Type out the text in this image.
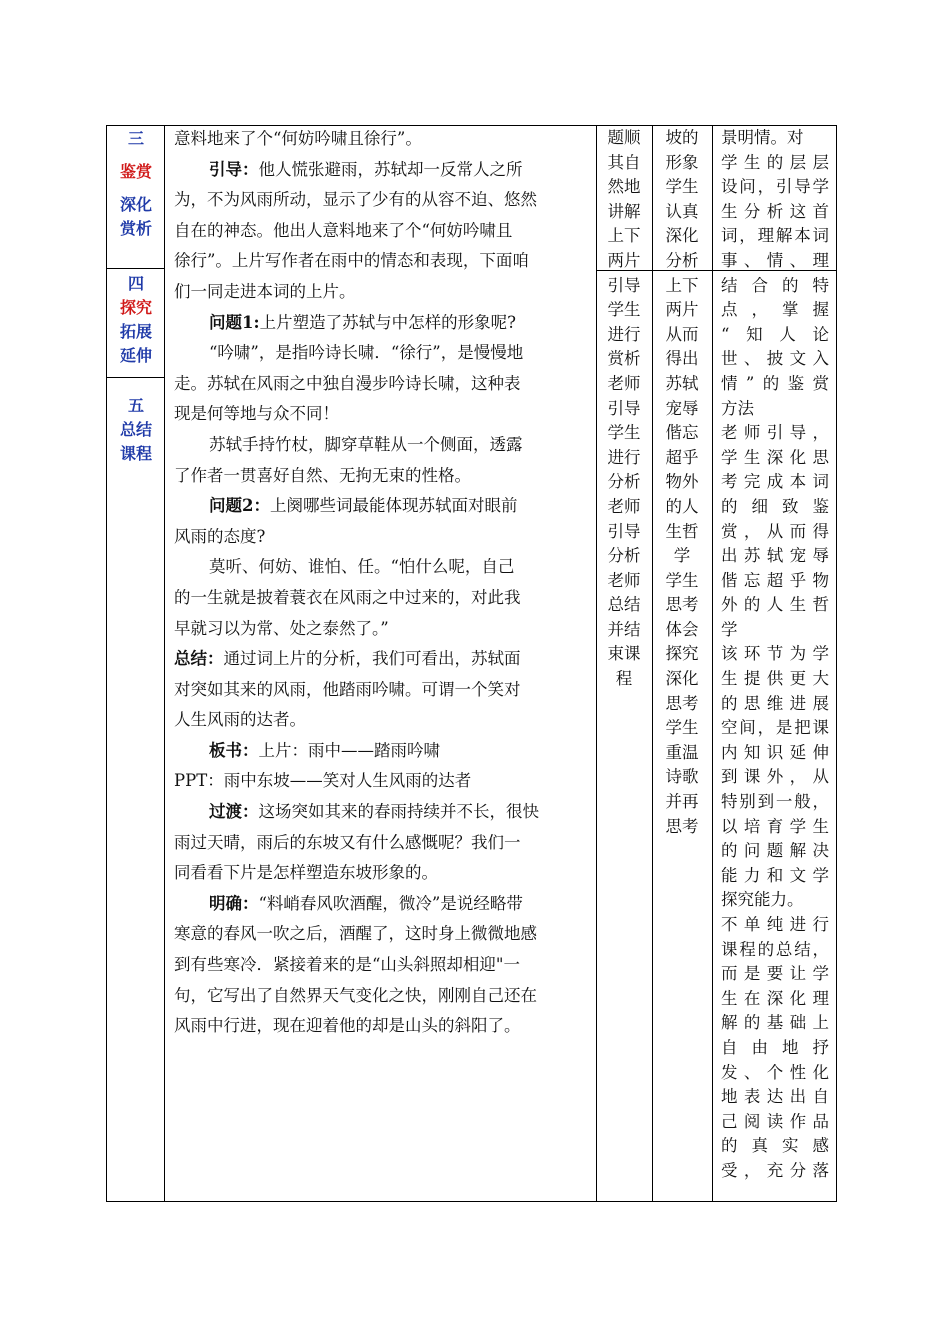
三
鉴赏
深化
赏析
四
探究
拓展
延伸
五
总结
课程

意料地来了个“何妨吟啸且徐行”。

引导：他人慌张避雨，苏轼却一反常人之所

为，不为风雨所动，显示了少有的从容不迫、悠然

自在的神态。他出人意料地来了个“何妨吟啸且

徐行”。上片写作者在雨中的情态和表现，下面咱

们一同走进本词的上片。

问题1:上片塑造了苏轼与中怎样的形象呢?

“吟啸”，是指吟诗长啸．“徐行”，是慢慢地

走。苏轼在风雨之中独自漫步吟诗长啸，这种表

现是何等地与众不同！

苏轼手持竹杖，脚穿草鞋从一个侧面，透露

了作者一贯喜好自然、无拘无束的性格。

问题2：上阕哪些词最能体现苏轼面对眼前

风雨的态度?

莫听、何妨、谁怕、任。“怕什么呢，自己

的一生就是披着蓑衣在风雨之中过来的，对此我

早就习以为常、处之泰然了。”

总结：通过词上片的分析，我们可看出，苏轼面

对突如其来的风雨，他踏雨吟啸。可谓一个笑对

人生风雨的达者。

板书：上片：雨中——踏雨吟啸

PPT：雨中东坡——笑对人生风雨的达者

过渡：这场突如其来的春雨持续并不长，很快

雨过天晴，雨后的东坡又有什么感慨呢？我们一

同看看下片是怎样塑造东坡形象的。

明确：“料峭春风吹酒醒，微冷”是说经略带

寒意的春风一吹之后，酒醒了，这时身上微微地感

到有些寒冷．紧接着来的是“山头斜照却相迎"一

句，它写出了自然界天气变化之快，刚刚自己还在

风雨中行进，现在迎着他的却是山头的斜阳了。

题顺
其自
然地
讲解
上下
两片
引导
学生
进行
赏析
老师
引导
学生
进行
分析
老师
引导
分析
老师
总结
并结
束课
程
坡的
形象
学生
认真
深化
分析
上下
两片
从而
得出
苏轼
宠辱
偕忘
超乎
物外
的人
生哲
学
学生
思考
体会
探究
深化
思考
学生
重温
诗歌
并再
思考
景明情。对
学生的层层
设问，引导学
生分析这首
词，理解本词
事、情、理
结合的特
点，掌握
“知人论
世、披文入
情”的鉴赏
方法
老师引导，
学生深化思
考完成本词
的细致鉴
赏，从而得
出苏轼宠辱
偕忘超乎物
外的人生哲
学
该环节为学
生提供更大
的思维进展
空间，是把课
内知识延伸
到课外，从
特别到一般，
以培育学生
的问题解决
能力和文学
探究能力。
不单纯进行
课程的总结，
而是要让学
生在深化理
解的基础上
自由地抒
发、个性化
地表达出自
己阅读作品
的真实感
受，充分落
